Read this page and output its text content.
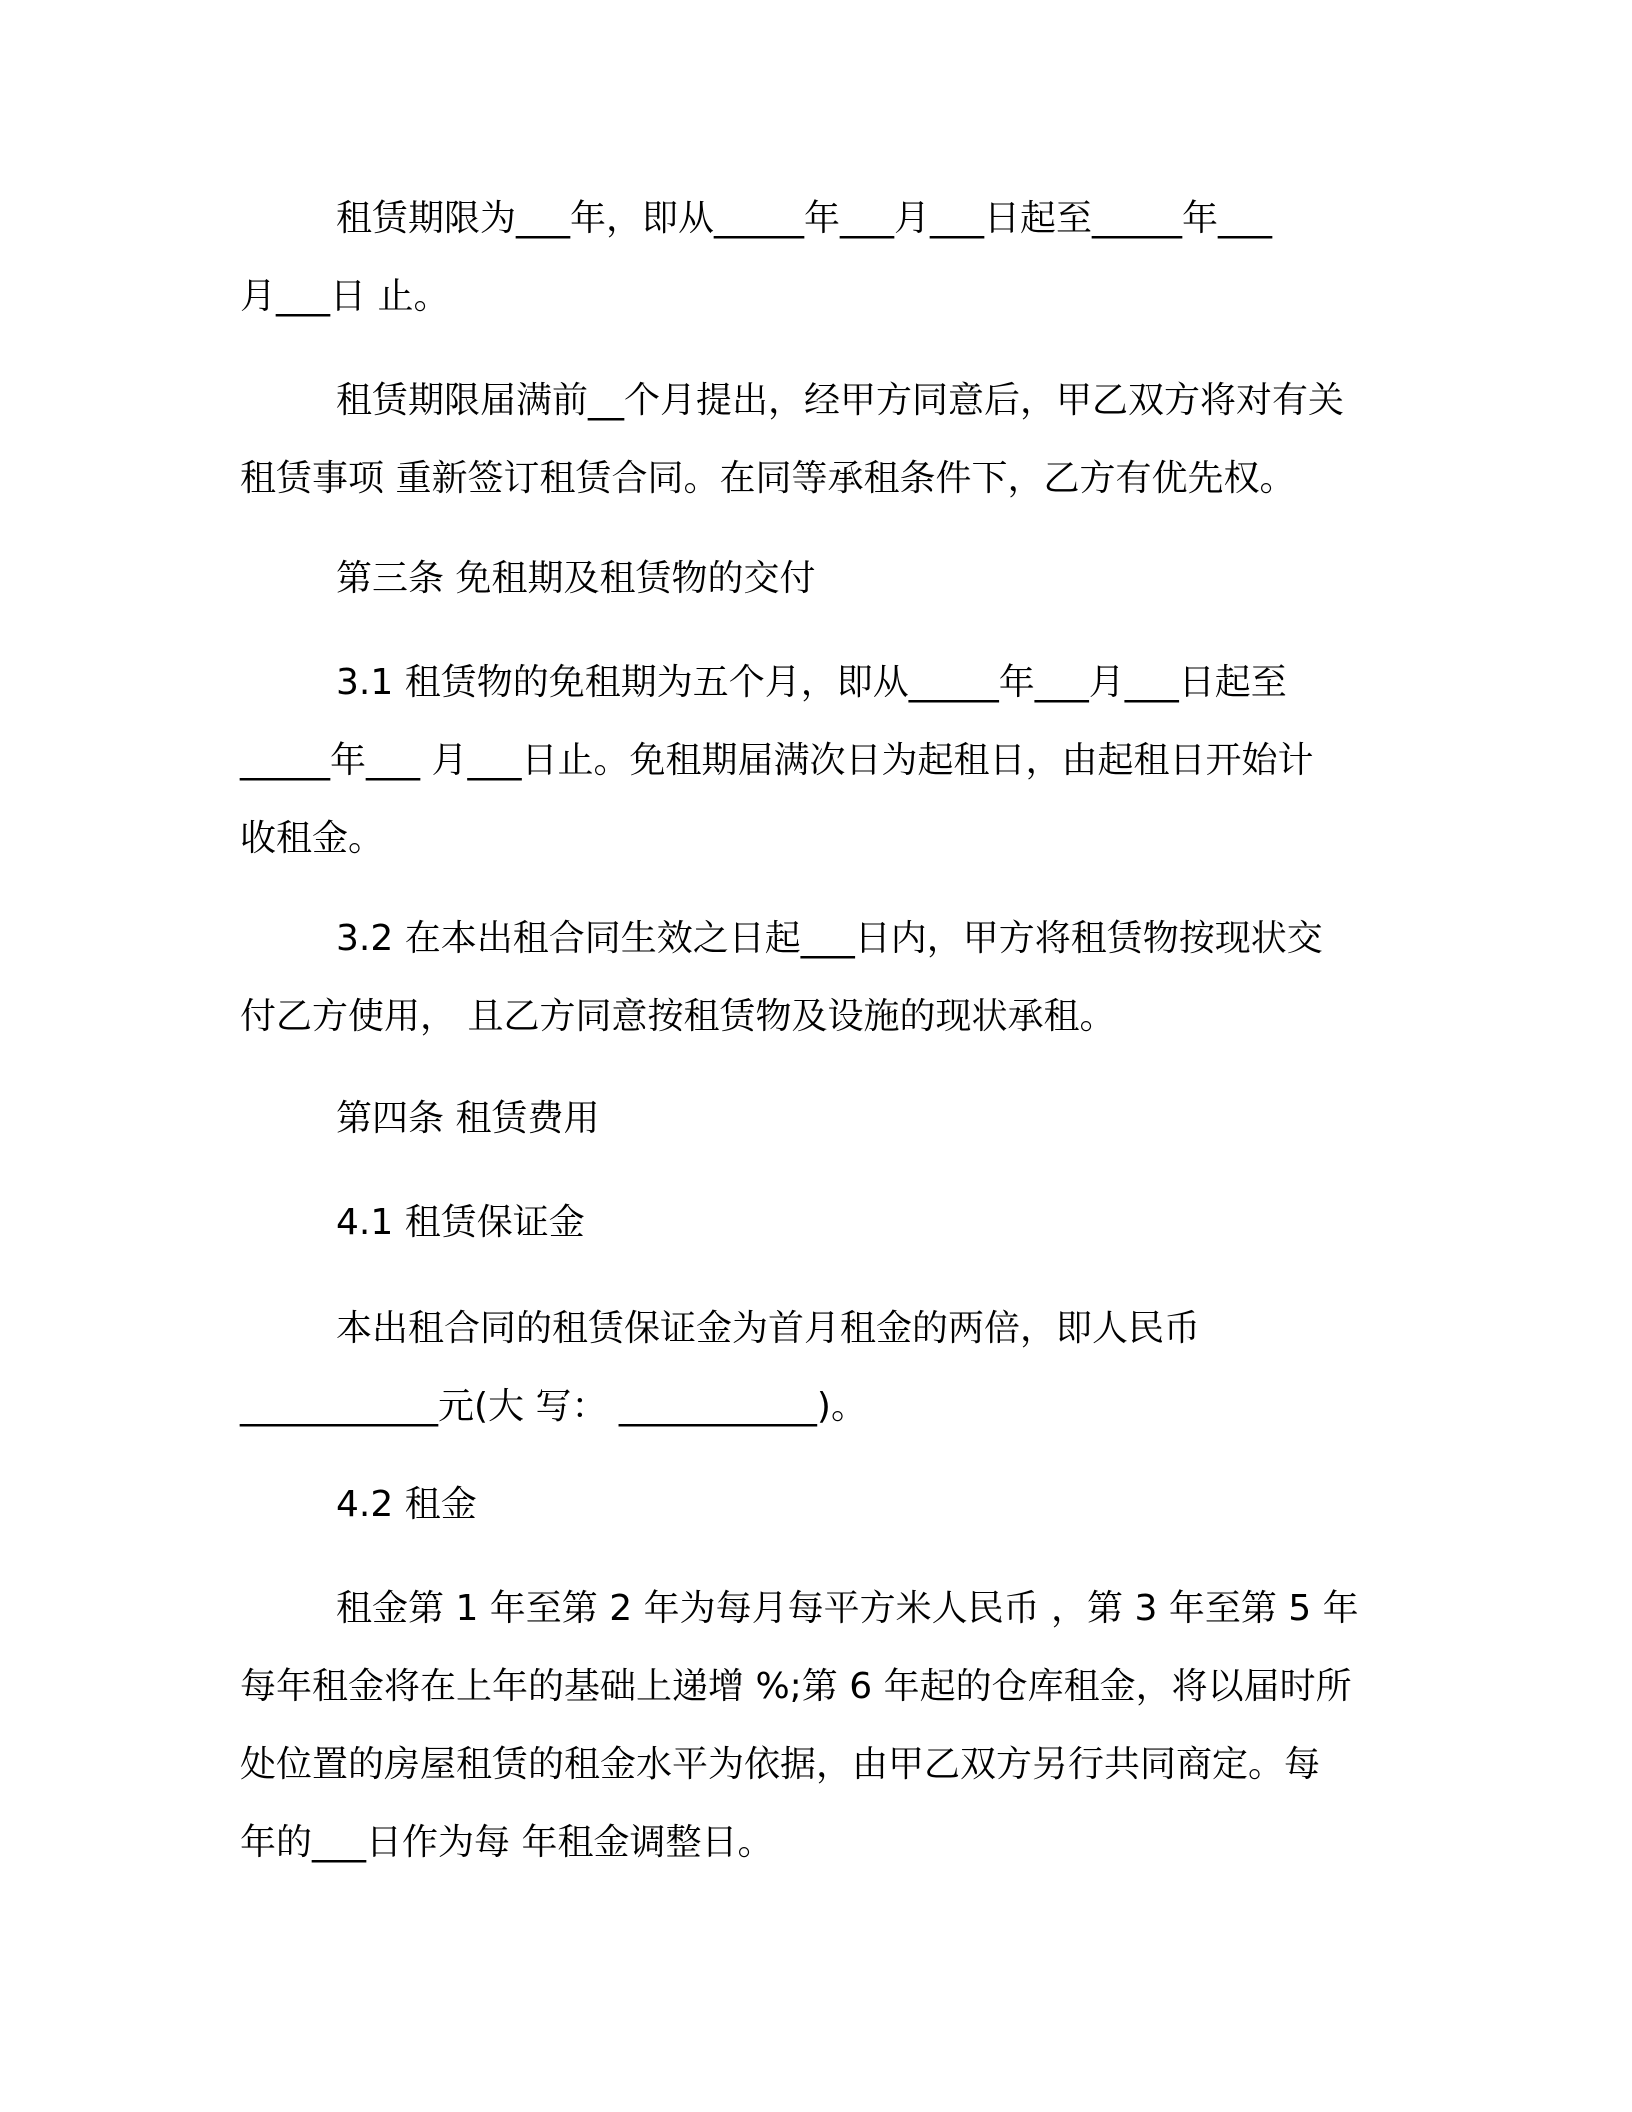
租赁期限为___年，即从_____年___月___日起至_____年___
月___日 止。

租赁期限届满前__个月提出，经甲方同意后，甲乙双方将对有关
租赁事项 重新签订租赁合同。在同等承租条件下，乙方有优先权。

第三条 免租期及租赁物的交付

3.1 租赁物的免租期为五个月，即从_____年___月___日起至
_____年___ 月___日止。免租期届满次日为起租日，由起租日开始计
收租金。

3.2 在本出租合同生效之日起___日内，甲方将租赁物按现状交
付乙方使用， 且乙方同意按租赁物及设施的现状承租。

第四条 租赁费用

4.1 租赁保证金

本出租合同的租赁保证金为首月租金的两倍，即人民币
___________元(大 写： ___________)。

4.2 租金

租金第 1 年至第 2 年为每月每平方米人民币 ，第 3 年至第 5 年
每年租金将在上年的基础上递增 %;第 6 年起的仓库租金，将以届时所
处位置的房屋租赁的租金水平为依据，由甲乙双方另行共同商定。每
年的___日作为每 年租金调整日。
